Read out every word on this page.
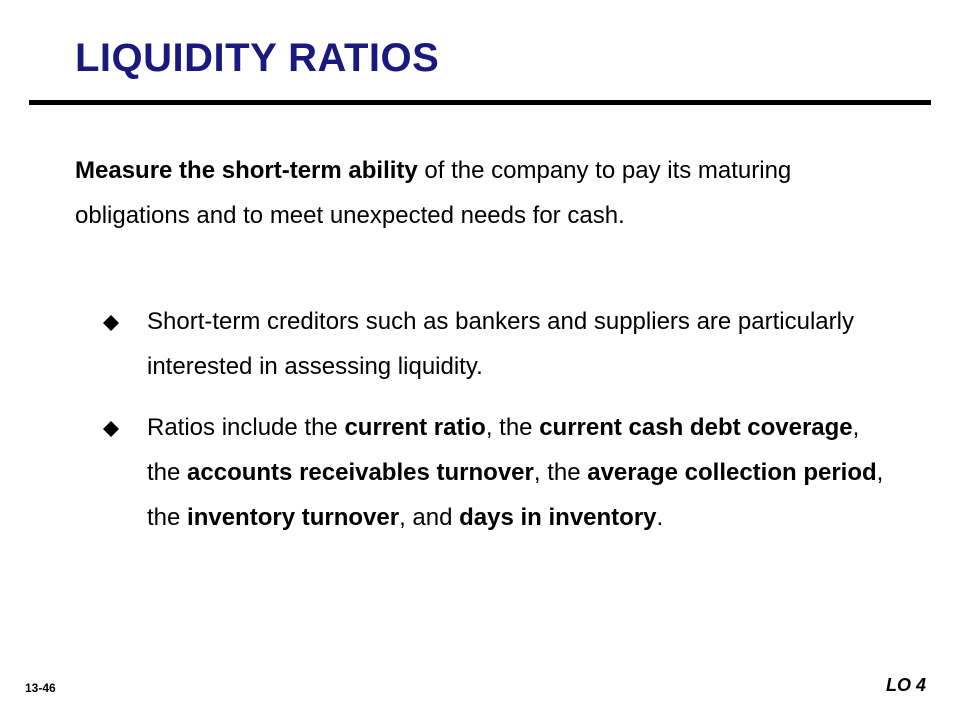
LIQUIDITY RATIOS

Measure the short-term ability of the company to pay its maturing obligations and to meet unexpected needs for cash.

Short-term creditors such as bankers and suppliers are particularly interested in assessing liquidity.
Ratios include the current ratio, the current cash debt coverage, the accounts receivables turnover, the average collection period, the inventory turnover, and days in inventory.
13-46	LO 4
